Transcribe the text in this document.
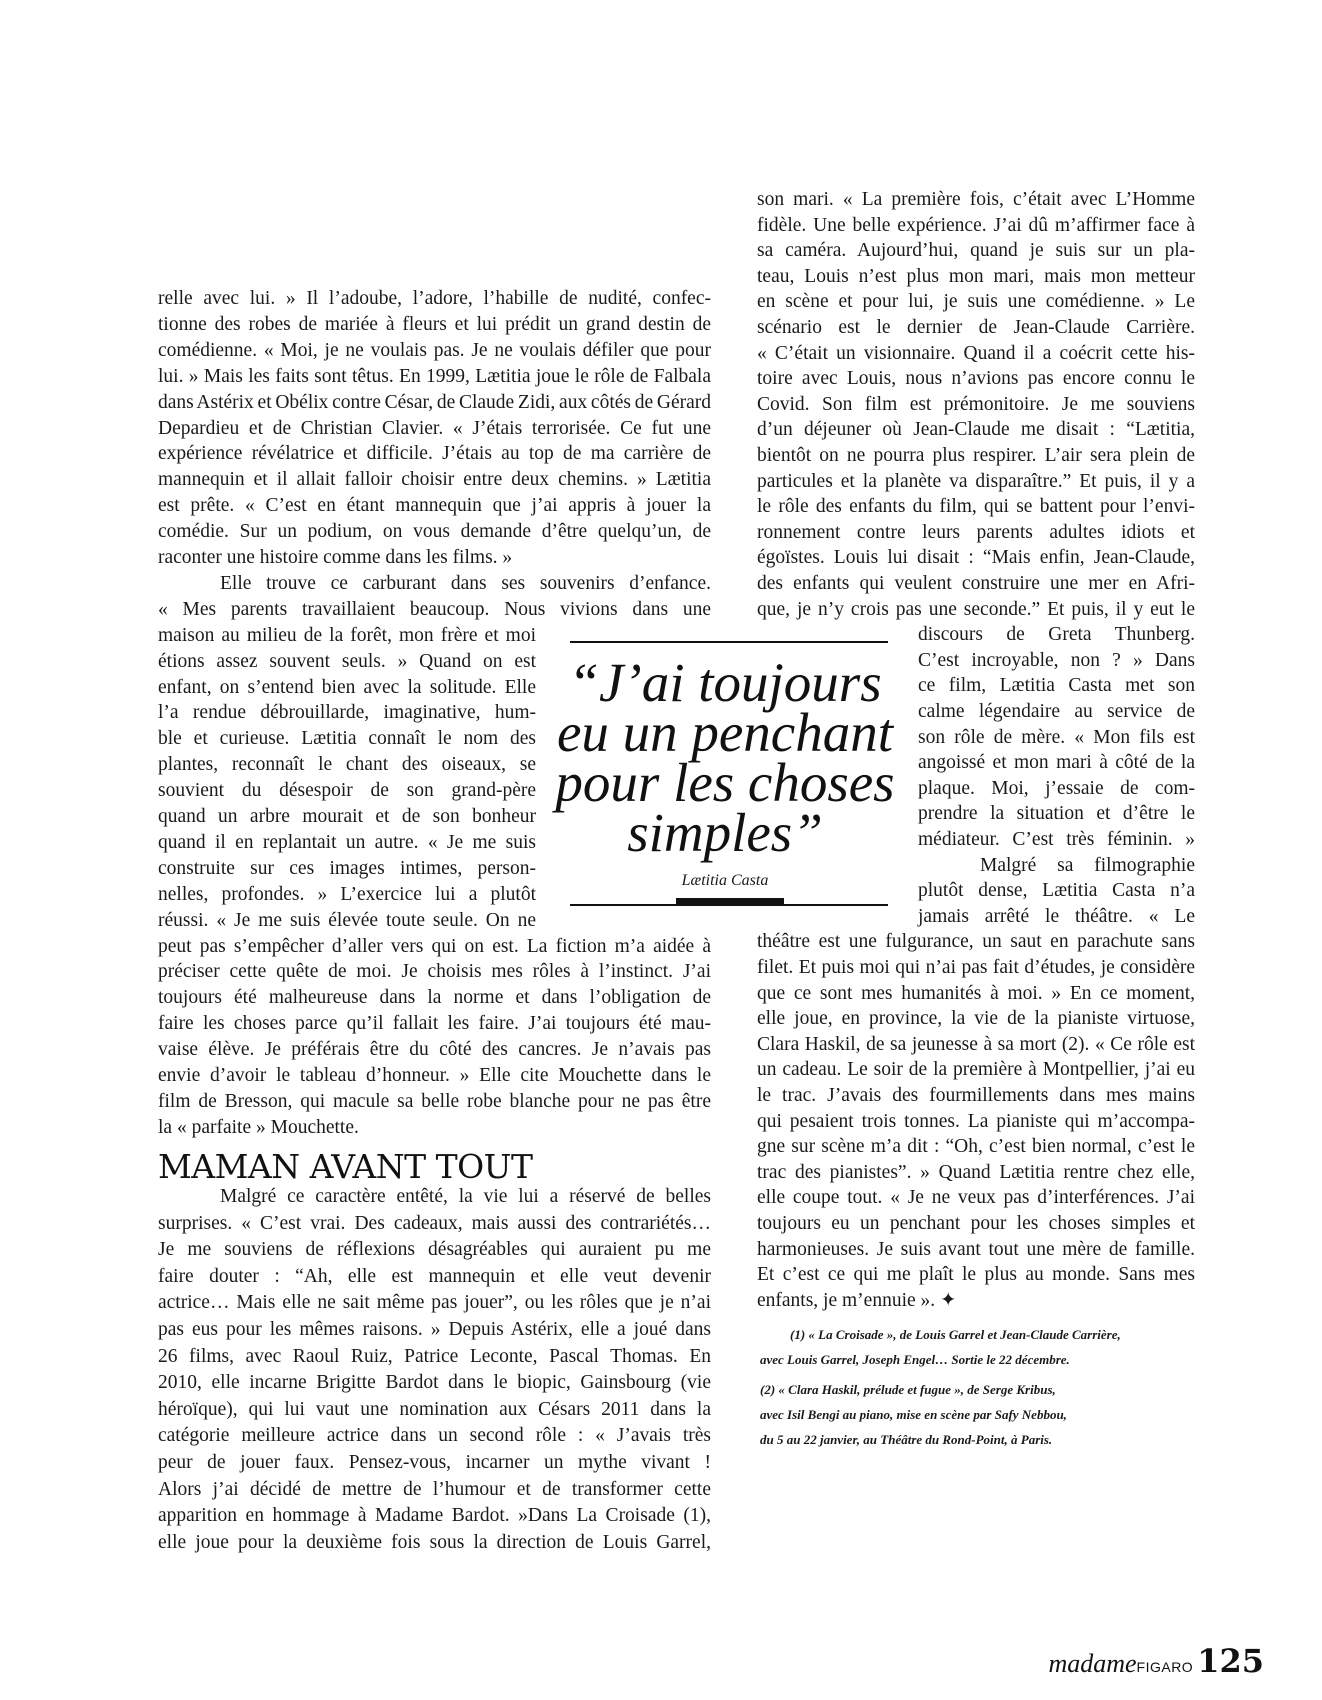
relle avec lui. » Il l’adoube, l’adore, l’habille de nudité, confec-
tionne des robes de mariée à fleurs et lui prédit un grand destin de
comédienne. « Moi, je ne voulais pas. Je ne voulais défiler que pour
lui. » Mais les faits sont têtus. En 1999, Lætitia joue le rôle de Falbala
dans Astérix et Obélix contre César, de Claude Zidi, aux côtés de Gérard
Depardieu et de Christian Clavier. « J’étais terrorisée. Ce fut une
expérience révélatrice et difficile. J’étais au top de ma carrière de
mannequin et il allait falloir choisir entre deux chemins. » Lætitia
est prête. « C’est en étant mannequin que j’ai appris à jouer la
comédie. Sur un podium, on vous demande d’être quelqu’un, de
raconter une histoire comme dans les films. »
Elle trouve ce carburant dans ses souvenirs d’enfance.
« Mes parents travaillaient beaucoup. Nous vivions dans une
maison au milieu de la forêt, mon frère et moi
étions assez souvent seuls. » Quand on est
enfant, on s’entend bien avec la solitude. Elle
l’a rendue débrouillarde, imaginative, hum-
ble et curieuse. Lætitia connaît le nom des
plantes, reconnaît le chant des oiseaux, se
souvient du désespoir de son grand-père
quand un arbre mourait et de son bonheur
quand il en replantait un autre. « Je me suis
construite sur ces images intimes, person-
nelles, profondes. » L’exercice lui a plutôt
réussi. « Je me suis élevée toute seule. On ne
peut pas s’empêcher d’aller vers qui on est. La fiction m’a aidée à
préciser cette quête de moi. Je choisis mes rôles à l’instinct. J’ai
toujours été malheureuse dans la norme et dans l’obligation de
faire les choses parce qu’il fallait les faire. J’ai toujours été mau-
vaise élève. Je préférais être du côté des cancres. Je n’avais pas
envie d’avoir le tableau d’honneur. » Elle cite Mouchette dans le
film de Bresson, qui macule sa belle robe blanche pour ne pas être
la « parfaite » Mouchette.
MAMAN AVANT TOUT
Malgré ce caractère entêté, la vie lui a réservé de belles
surprises. « C’est vrai. Des cadeaux, mais aussi des contrariétés…
Je me souviens de réflexions désagréables qui auraient pu me
faire douter : “Ah, elle est mannequin et elle veut devenir
actrice… Mais elle ne sait même pas jouer”, ou les rôles que je n’ai
pas eus pour les mêmes raisons. » Depuis Astérix, elle a joué dans
26 films, avec Raoul Ruiz, Patrice Leconte, Pascal Thomas. En
2010, elle incarne Brigitte Bardot dans le biopic, Gainsbourg (vie
héroïque), qui lui vaut une nomination aux Césars 2011 dans la
catégorie meilleure actrice dans un second rôle : « J’avais très
peur de jouer faux. Pensez-vous, incarner un mythe vivant !
Alors j’ai décidé de mettre de l’humour et de transformer cette
apparition en hommage à Madame Bardot. »Dans La Croisade (1),
elle joue pour la deuxième fois sous la direction de Louis Garrel,
son mari. « La première fois, c’était avec L’Homme
fidèle. Une belle expérience. J’ai dû m’affirmer face à
sa caméra. Aujourd’hui, quand je suis sur un pla-
teau, Louis n’est plus mon mari, mais mon metteur
en scène et pour lui, je suis une comédienne. » Le
scénario est le dernier de Jean-Claude Carrière.
« C’était un visionnaire. Quand il a coécrit cette his-
toire avec Louis, nous n’avions pas encore connu le
Covid. Son film est prémonitoire. Je me souviens
d’un déjeuner où Jean-Claude me disait : “Lætitia,
bientôt on ne pourra plus respirer. L’air sera plein de
particules et la planète va disparaître.” Et puis, il y a
le rôle des enfants du film, qui se battent pour l’envi-
ronnement contre leurs parents adultes idiots et
égoïstes. Louis lui disait : “Mais enfin, Jean-Claude,
des enfants qui veulent construire une mer en Afri-
que, je n’y crois pas une seconde.” Et puis, il y eut le
discours de Greta Thunberg.
C’est incroyable, non ? » Dans
ce film, Lætitia Casta met son
calme légendaire au service de
son rôle de mère. « Mon fils est
angoissé et mon mari à côté de la
plaque. Moi, j’essaie de com-
prendre la situation et d’être le
médiateur. C’est très féminin. »
Malgré sa filmographie
plutôt dense, Lætitia Casta n’a
jamais arrêté le théâtre. « Le
théâtre est une fulgurance, un saut en parachute sans
filet. Et puis moi qui n’ai pas fait d’études, je considère
que ce sont mes humanités à moi. » En ce moment,
elle joue, en province, la vie de la pianiste virtuose,
Clara Haskil, de sa jeunesse à sa mort (2). « Ce rôle est
un cadeau. Le soir de la première à Montpellier, j’ai eu
le trac. J’avais des fourmillements dans mes mains
qui pesaient trois tonnes. La pianiste qui m’accompa-
gne sur scène m’a dit : “Oh, c’est bien normal, c’est le
trac des pianistes”. » Quand Lætitia rentre chez elle,
elle coupe tout. « Je ne veux pas d’interférences. J’ai
toujours eu un penchant pour les choses simples et
harmonieuses. Je suis avant tout une mère de famille.
Et c’est ce qui me plaît le plus au monde. Sans mes
enfants, je m’ennuie ». ✦
“J’ai toujours
eu un penchant
pour les choses
simples”
Lætitia Casta
(1) « La Croisade », de Louis Garrel et Jean-Claude Carrière,
avec Louis Garrel, Joseph Engel… Sortie le 22 décembre.
(2) « Clara Haskil, prélude et fugue », de Serge Kribus,
avec Isil Bengi au piano, mise en scène par Safy Nebbou,
du 5 au 22 janvier, au Théâtre du Rond-Point, à Paris.
madameFIGARO 125
